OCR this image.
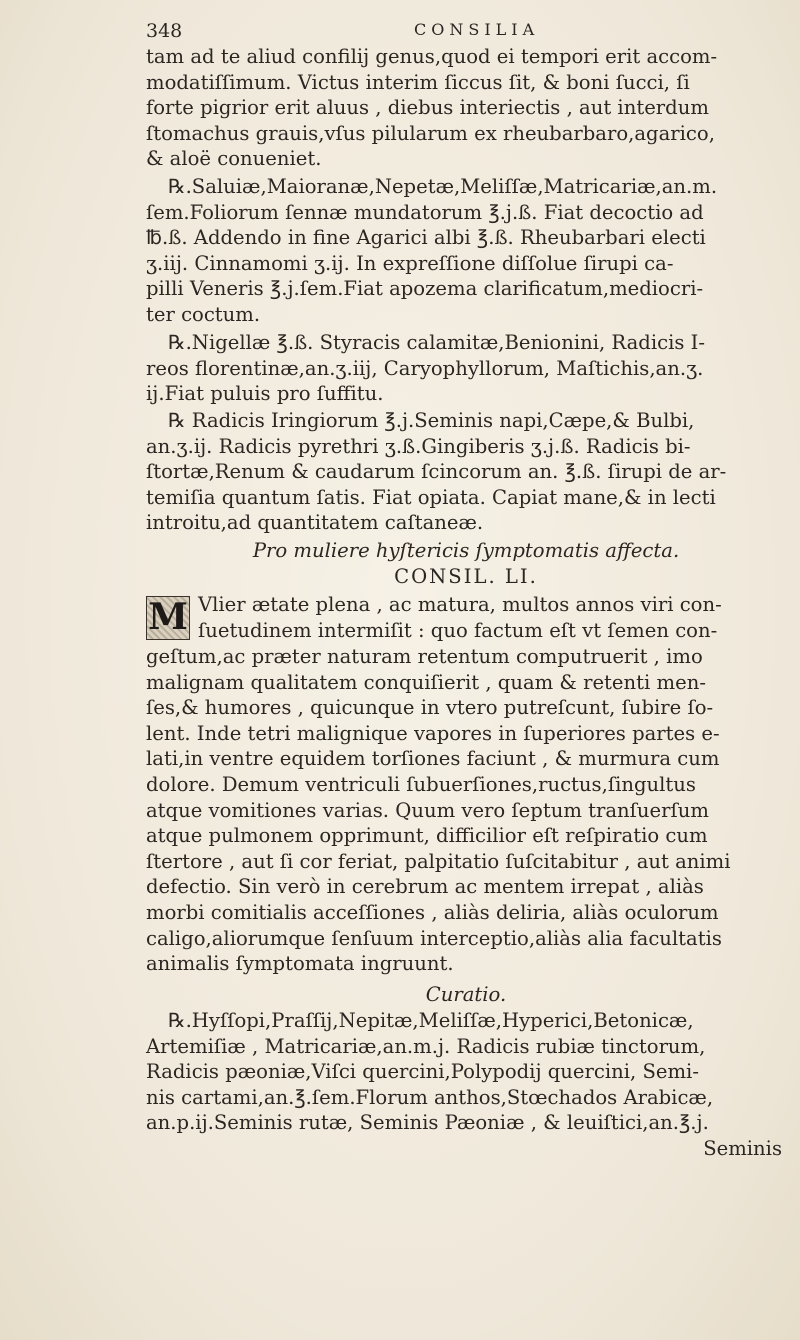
348	CONSILIA
tam ad te aliud confilij genus,quod ei tempori erit accom-
modatiſſimum. Victus interim ſiccus ſit, & boni ſucci, ſi
forte pigrior erit aluus , diebus interiectis , aut interdum
ſtomachus grauis,vſus pilularum ex rheubarbaro,agarico,
& aloë conueniet.
℞.Saluiæ,Maioranæ,Nepetæ,Meliſſæ,Matricariæ,an.m.
ſem.Foliorum ſennæ mundatorum ℥.j.ß. Fiat decoctio ad
℔.ß. Addendo in fine Agarici albi ℥.ß. Rheubarbari electi
ʒ.iij. Cinnamomi ʒ.ij. In expreſſione diſſolue ſirupi ca-
pilli Veneris ℥.j.ſem.Fiat apozema clarificatum,mediocri-
ter coctum.
℞.Nigellæ ℥.ß. Styracis calamitæ,Benionini, Radicis I-
reos florentinæ,an.ʒ.iij, Caryophyllorum, Maſtichis,an.ʒ.
ij.Fiat puluis pro ſuffitu.
℞ Radicis Iringiorum ℥.j.Seminis napi,Cæpe,& Bulbi,
an.ʒ.ij. Radicis pyrethri ʒ.ß.Gingiberis ʒ.j.ß. Radicis bi-
ſtortæ,Renum & caudarum ſcincorum an. ℥.ß. ſirupi de ar-
temiſia quantum ſatis. Fiat opiata. Capiat mane,& in lecti
introitu,ad quantitatem caſtaneæ.
Pro muliere hyſtericis ſymptomatis affecta.
CONSIL. LI.
M Vlier ætate plena , ac matura, multos annos viri con-
ſuetudinem intermiſit : quo factum eſt vt ſemen con-
geſtum,ac præter naturam retentum computruerit , imo
malignam qualitatem conquiſierit , quam & retenti men-
ſes,& humores , quicunque in vtero putreſcunt, ſubire ſo-
lent. Inde tetri malignique vapores in ſuperiores partes e-
lati,in ventre equidem torſiones faciunt , & murmura cum
dolore. Demum ventriculi ſubuerſiones,ructus,ſingultus
atque vomitiones varias. Quum vero ſeptum tranſuerſum
atque pulmonem opprimunt, difficilior eſt reſpiratio cum
ſtertore , aut ſi cor feriat, palpitatio ſuſcitabitur , aut animi
defectio. Sin verò in cerebrum ac mentem irrepat , aliàs
morbi comitialis acceſſiones , aliàs deliria, aliàs oculorum
caligo,aliorumque ſenſuum interceptio,aliàs alia facultatis
animalis ſymptomata ingruunt.
Curatio.
℞.Hyſſopi,Praſſij,Nepitæ,Meliſſæ,Hyperici,Betonicæ,
Artemiſiæ , Matricariæ,an.m.j. Radicis rubiæ tinctorum,
Radicis pæoniæ,Viſci quercini,Polypodij quercini, Semi-
nis cartami,an.℥.ſem.Florum anthos,Stœchados Arabicæ,
an.p.ij.Seminis rutæ, Seminis Pæoniæ , & leuiſtici,an.℥.j.
Seminis
